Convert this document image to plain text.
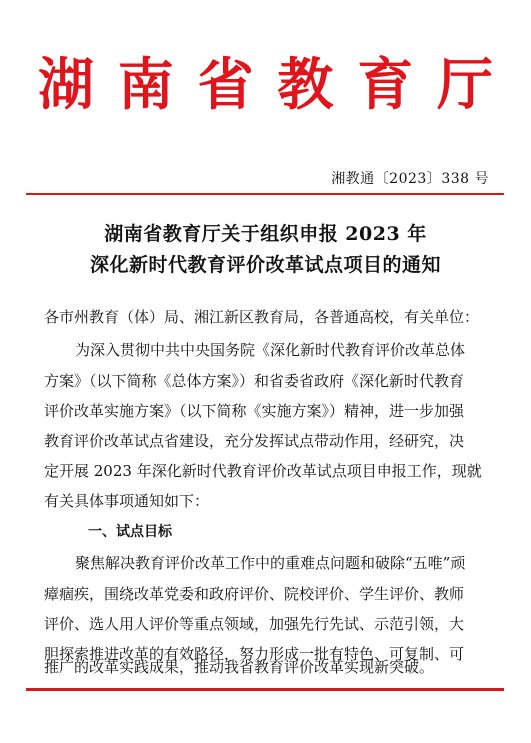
湖 南 省 教 育 厅
湘教通〔2023〕338 号
湖南省教育厅关于组织申报 2023 年
深化新时代教育评价改革试点项目的通知

各市州教育（体）局、湘江新区教育局，各普通高校，有关单位：

为深入贯彻中共中央国务院《深化新时代教育评价改革总体

方案》（以下简称《总体方案》）和省委省政府《深化新时代教育

评价改革实施方案》（以下简称《实施方案》）精神，进一步加强

教育评价改革试点省建设，充分发挥试点带动作用，经研究，决

定开展 2023 年深化新时代教育评价改革试点项目申报工作，现就

有关具体事项通知如下：

一、试点目标

聚焦解决教育评价改革工作中的重难点问题和破除“五唯”顽

瘴痼疾，围绕改革党委和政府评价、院校评价、学生评价、教师

评价、选人用人评价等重点领域，加强先行先试、示范引领，大

胆探索推进改革的有效路径，努力形成一批有特色、可复制、可

推广的改革实践成果，推动我省教育评价改革实现新突破。
